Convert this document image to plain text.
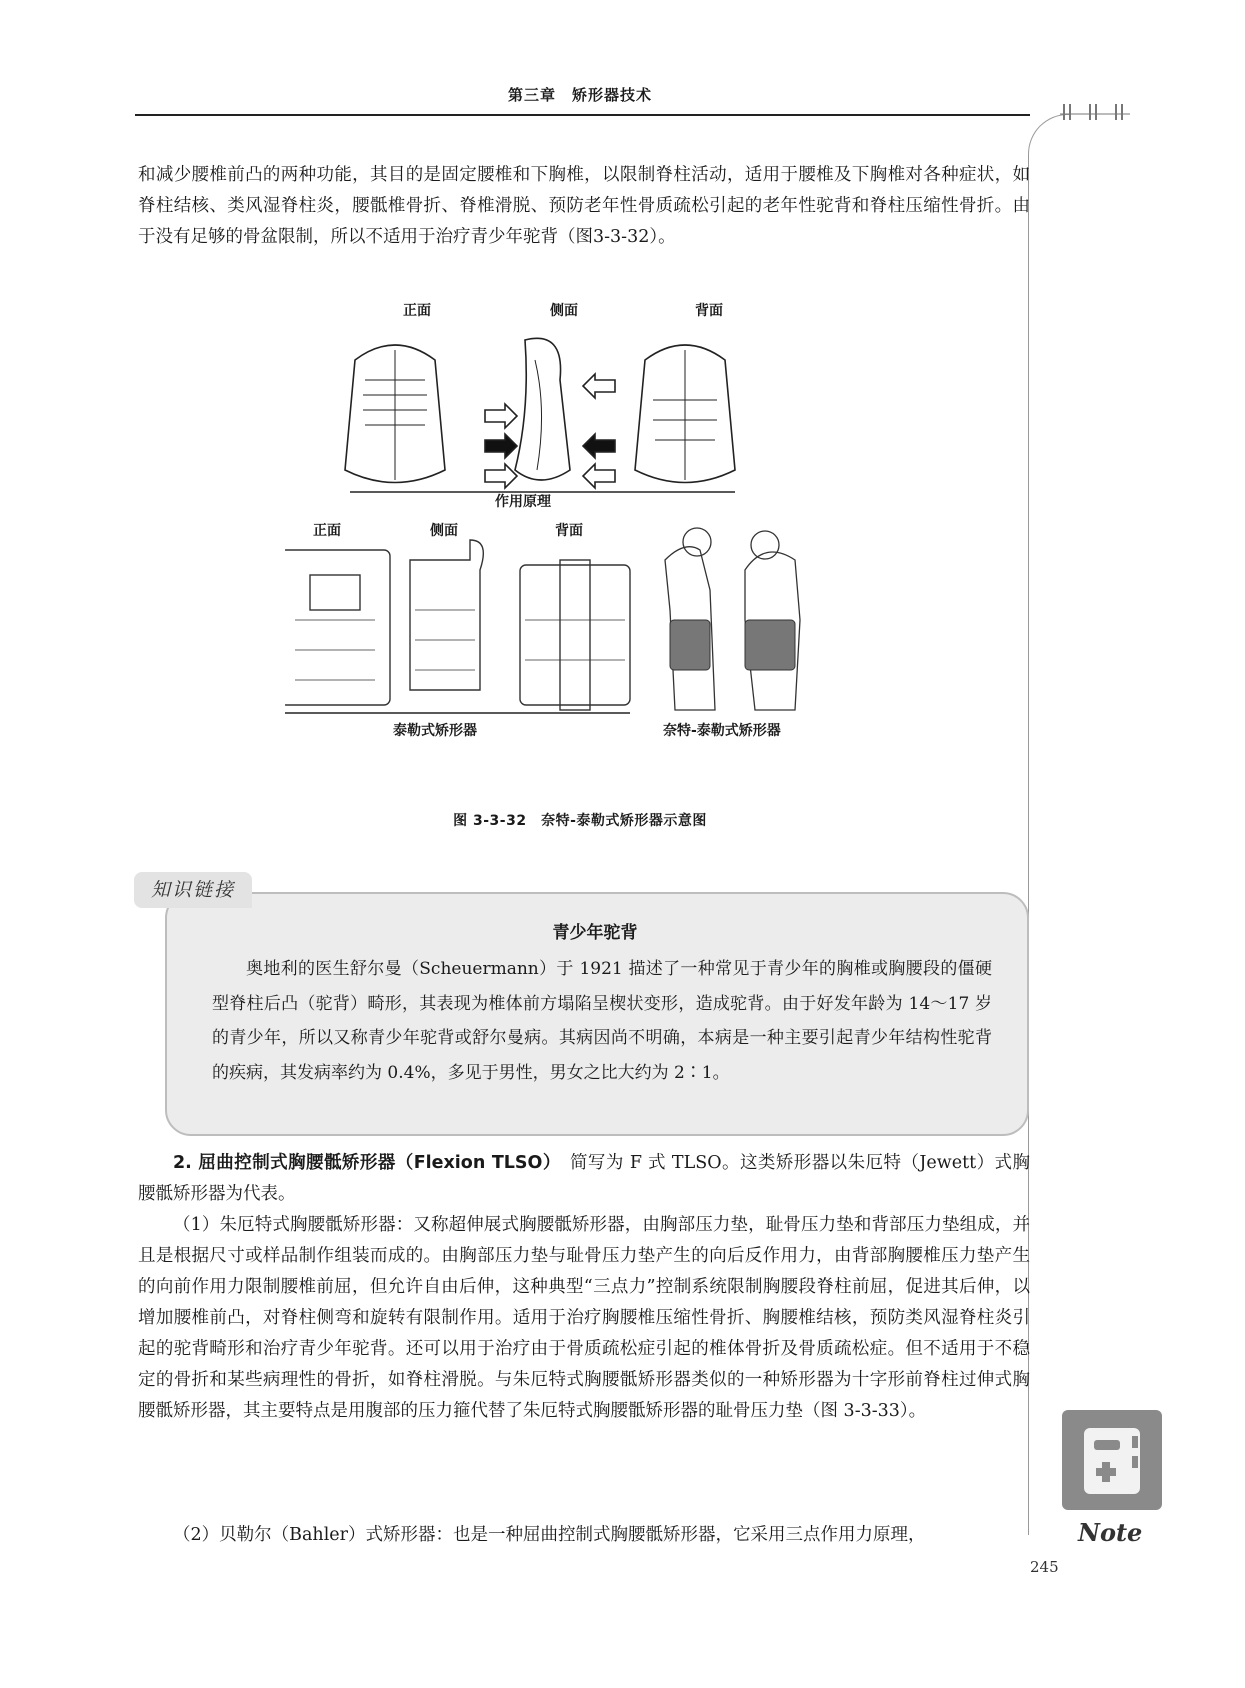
第三章　矫形器技术

和减少腰椎前凸的两种功能，其目的是固定腰椎和下胸椎，以限制脊柱活动，适用于腰椎及下胸椎对各种症状，如脊柱结核、类风湿脊柱炎，腰骶椎骨折、脊椎滑脱、预防老年性骨质疏松引起的老年性驼背和脊柱压缩性骨折。由于没有足够的骨盆限制，所以不适用于治疗青少年驼背（图3-3-32）。

正面	侧面	背面
作用原理
正面	侧面	背面
泰勒式矫形器	奈特-泰勒式矫形器
图 3-3-32　奈特-泰勒式矫形器示意图
知识链接
青少年驼背

奥地利的医生舒尔曼（Scheuermann）于 1921 描述了一种常见于青少年的胸椎或胸腰段的僵硬型脊柱后凸（驼背）畸形，其表现为椎体前方塌陷呈楔状变形，造成驼背。由于好发年龄为 14～17 岁的青少年，所以又称青少年驼背或舒尔曼病。其病因尚不明确，本病是一种主要引起青少年结构性驼背的疾病，其发病率约为 0.4%，多见于男性，男女之比大约为 2∶1。

2. 屈曲控制式胸腰骶矫形器（Flexion TLSO）　简写为 F 式 TLSO。这类矫形器以朱厄特（Jewett）式胸腰骶矫形器为代表。

（1）朱厄特式胸腰骶矫形器：又称超伸展式胸腰骶矫形器，由胸部压力垫，耻骨压力垫和背部压力垫组成，并且是根据尺寸或样品制作组装而成的。由胸部压力垫与耻骨压力垫产生的向后反作用力，由背部胸腰椎压力垫产生的向前作用力限制腰椎前屈，但允许自由后伸，这种典型“三点力”控制系统限制胸腰段脊柱前屈，促进其后伸，以增加腰椎前凸，对脊柱侧弯和旋转有限制作用。适用于治疗胸腰椎压缩性骨折、胸腰椎结核，预防类风湿脊柱炎引起的驼背畸形和治疗青少年驼背。还可以用于治疗由于骨质疏松症引起的椎体骨折及骨质疏松症。但不适用于不稳定的骨折和某些病理性的骨折，如脊柱滑脱。与朱厄特式胸腰骶矫形器类似的一种矫形器为十字形前脊柱过伸式胸腰骶矫形器，其主要特点是用腹部的压力箍代替了朱厄特式胸腰骶矫形器的耻骨压力垫（图 3-3-33）。

（2）贝勒尔（Bahler）式矫形器：也是一种屈曲控制式胸腰骶矫形器，它采用三点作用力原理，	Note
245
